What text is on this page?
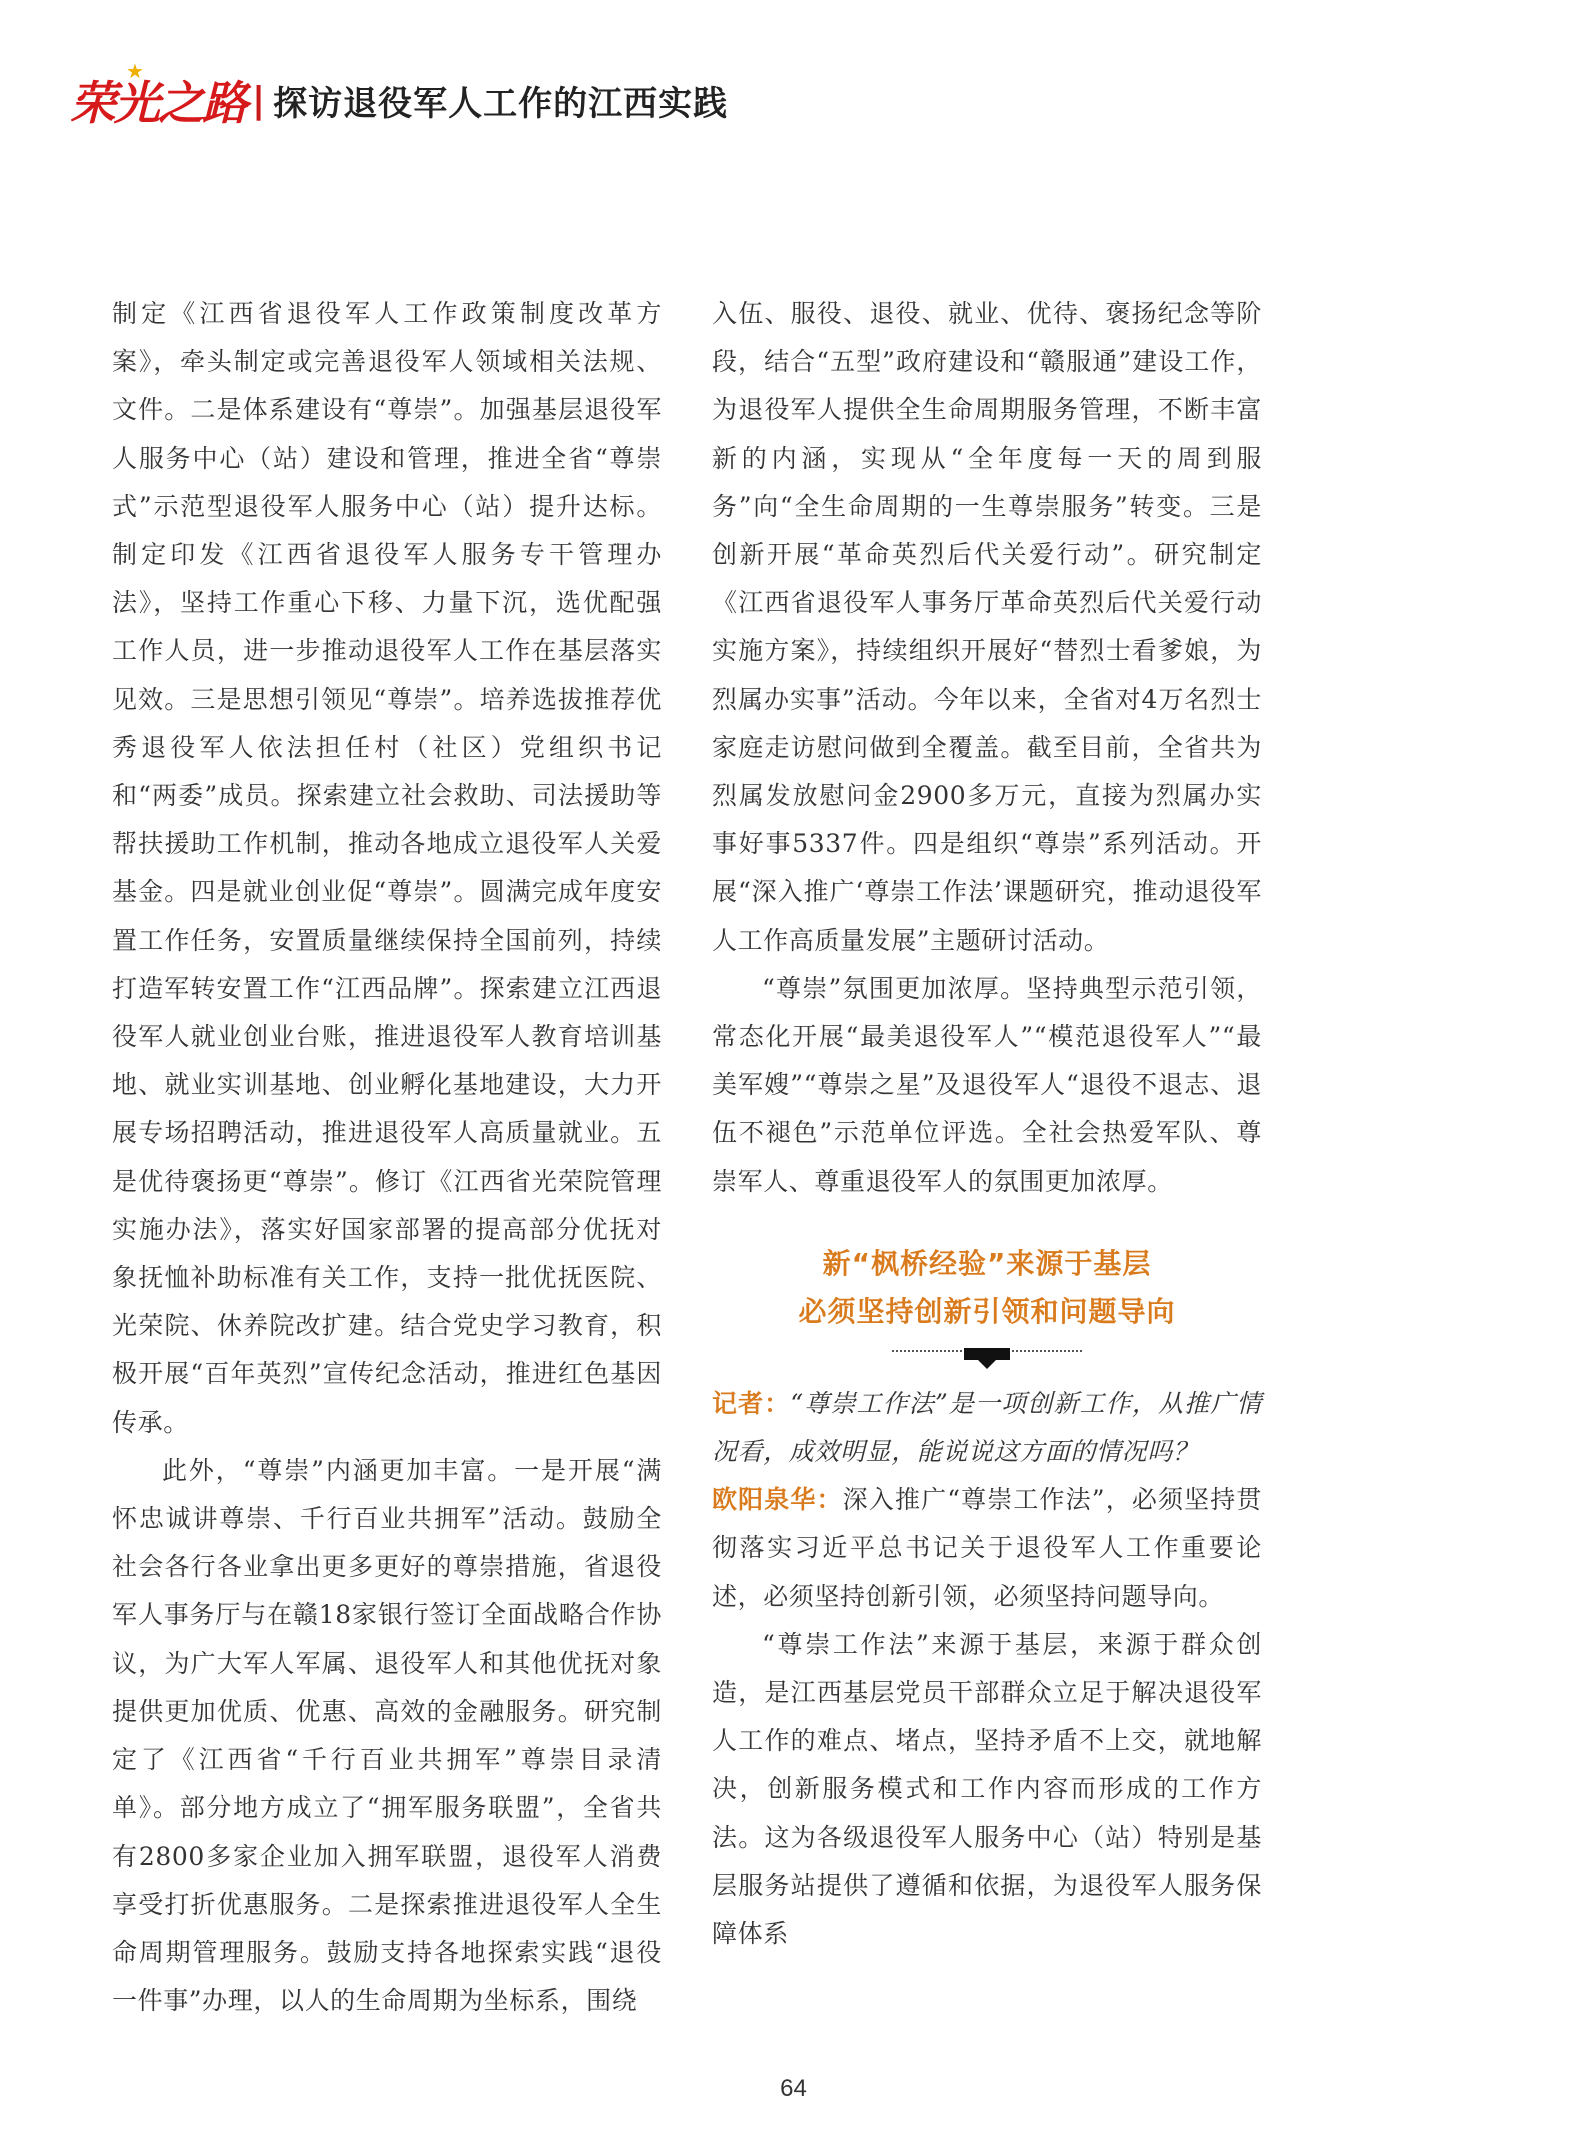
荣光之路
★
| 探访退役军人工作的江西实践

制定《江西省退役军人工作政策制度改革方案》，牵头制定或完善退役军人领域相关法规、文件。二是体系建设有“尊崇”。加强基层退役军人服务中心（站）建设和管理，推进全省“尊崇式”示范型退役军人服务中心（站）提升达标。制定印发《江西省退役军人服务专干管理办法》，坚持工作重心下移、力量下沉，选优配强工作人员，进一步推动退役军人工作在基层落实见效。三是思想引领见“尊崇”。培养选拔推荐优秀退役军人依法担任村（社区）党组织书记和“两委”成员。探索建立社会救助、司法援助等帮扶援助工作机制，推动各地成立退役军人关爱基金。四是就业创业促“尊崇”。圆满完成年度安置工作任务，安置质量继续保持全国前列，持续打造军转安置工作“江西品牌”。探索建立江西退役军人就业创业台账，推进退役军人教育培训基地、就业实训基地、创业孵化基地建设，大力开展专场招聘活动，推进退役军人高质量就业。五是优待褒扬更“尊崇”。修订《江西省光荣院管理实施办法》，落实好国家部署的提高部分优抚对象抚恤补助标准有关工作，支持一批优抚医院、光荣院、休养院改扩建。结合党史学习教育，积极开展“百年英烈”宣传纪念活动，推进红色基因传承。

此外，“尊崇”内涵更加丰富。一是开展“满怀忠诚讲尊崇、千行百业共拥军”活动。鼓励全社会各行各业拿出更多更好的尊崇措施，省退役军人事务厅与在赣18家银行签订全面战略合作协议，为广大军人军属、退役军人和其他优抚对象提供更加优质、优惠、高效的金融服务。研究制定了《江西省“千行百业共拥军”尊崇目录清单》。部分地方成立了“拥军服务联盟”，全省共有2800多家企业加入拥军联盟，退役军人消费享受打折优惠服务。二是探索推进退役军人全生命周期管理服务。鼓励支持各地探索实践“退役一件事”办理，以人的生命周期为坐标系，围绕

入伍、服役、退役、就业、优待、褒扬纪念等阶段，结合“五型”政府建设和“赣服通”建设工作，为退役军人提供全生命周期服务管理，不断丰富新的内涵，实现从“全年度每一天的周到服务”向“全生命周期的一生尊崇服务”转变。三是创新开展“革命英烈后代关爱行动”。研究制定《江西省退役军人事务厅革命英烈后代关爱行动实施方案》，持续组织开展好“替烈士看爹娘，为烈属办实事”活动。今年以来，全省对4万名烈士家庭走访慰问做到全覆盖。截至目前，全省共为烈属发放慰问金2900多万元，直接为烈属办实事好事5337件。四是组织“尊崇”系列活动。开展“深入推广‘尊崇工作法’课题研究，推动退役军人工作高质量发展”主题研讨活动。

“尊崇”氛围更加浓厚。坚持典型示范引领，常态化开展“最美退役军人”“模范退役军人”“最美军嫂”“尊崇之星”及退役军人“退役不退志、退伍不褪色”示范单位评选。全社会热爱军队、尊崇军人、尊重退役军人的氛围更加浓厚。

新“枫桥经验”来源于基层
必须坚持创新引领和问题导向

记者：“尊崇工作法”是一项创新工作，从推广情况看，成效明显，能说说这方面的情况吗？

欧阳泉华：深入推广“尊崇工作法”，必须坚持贯彻落实习近平总书记关于退役军人工作重要论述，必须坚持创新引领，必须坚持问题导向。

“尊崇工作法”来源于基层，来源于群众创造，是江西基层党员干部群众立足于解决退役军人工作的难点、堵点，坚持矛盾不上交，就地解决，创新服务模式和工作内容而形成的工作方法。这为各级退役军人服务中心（站）特别是基层服务站提供了遵循和依据，为退役军人服务保障体系

64
